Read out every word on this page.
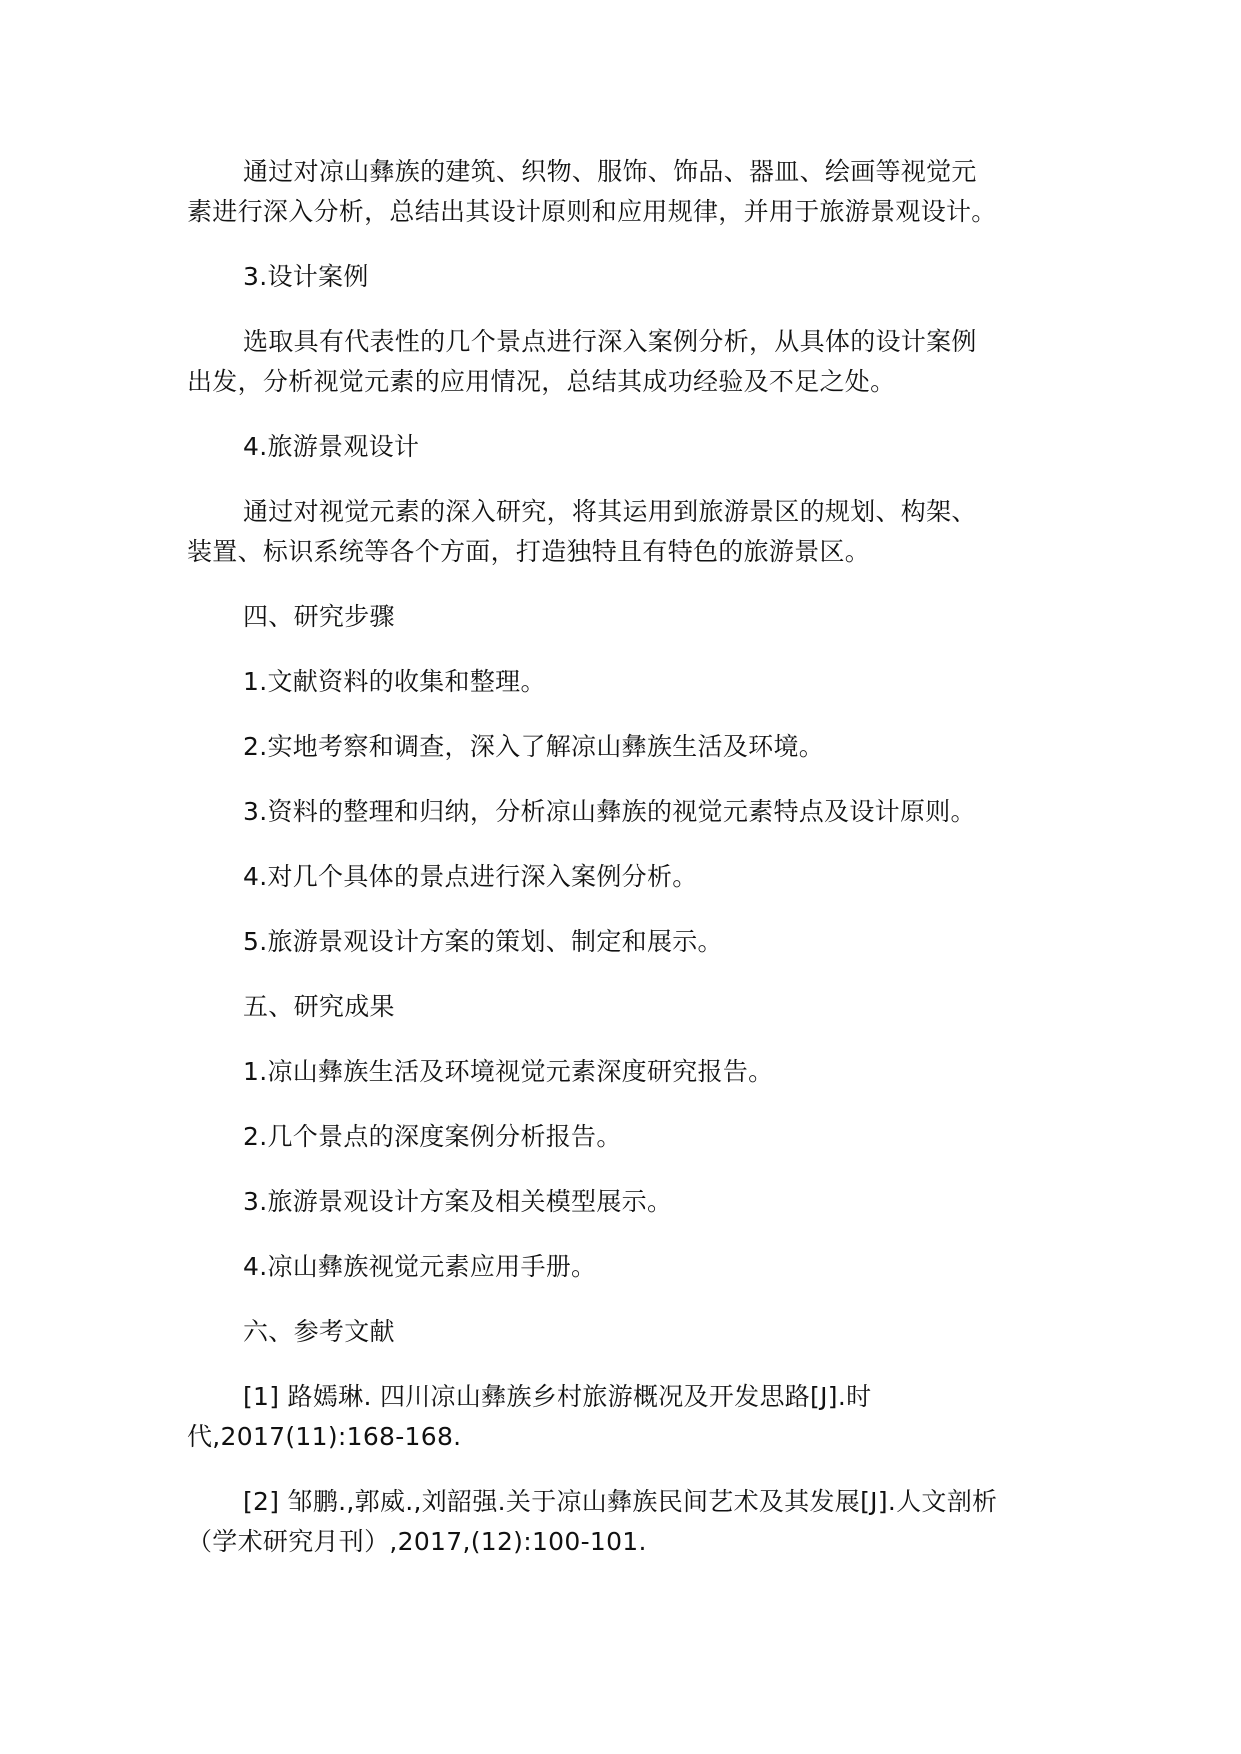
通过对凉山彝族的建筑、织物、服饰、饰品、器皿、绘画等视觉元
素进行深入分析，总结出其设计原则和应用规律，并用于旅游景观设计。
3.设计案例
选取具有代表性的几个景点进行深入案例分析，从具体的设计案例
出发，分析视觉元素的应用情况，总结其成功经验及不足之处。
4.旅游景观设计
通过对视觉元素的深入研究，将其运用到旅游景区的规划、构架、
装置、标识系统等各个方面，打造独特且有特色的旅游景区。
四、研究步骤
1.文献资料的收集和整理。
2.实地考察和调查，深入了解凉山彝族生活及环境。
3.资料的整理和归纳，分析凉山彝族的视觉元素特点及设计原则。
4.对几个具体的景点进行深入案例分析。
5.旅游景观设计方案的策划、制定和展示。
五、研究成果
1.凉山彝族生活及环境视觉元素深度研究报告。
2.几个景点的深度案例分析报告。
3.旅游景观设计方案及相关模型展示。
4.凉山彝族视觉元素应用手册。
六、参考文献
[1] 路嫣琳. 四川凉山彝族乡村旅游概况及开发思路[J].时
代,2017(11):168-168.
[2] 邹鹏.,郭威.,刘韶强.关于凉山彝族民间艺术及其发展[J].人文剖析
（学术研究月刊）,2017,(12):100-101.
